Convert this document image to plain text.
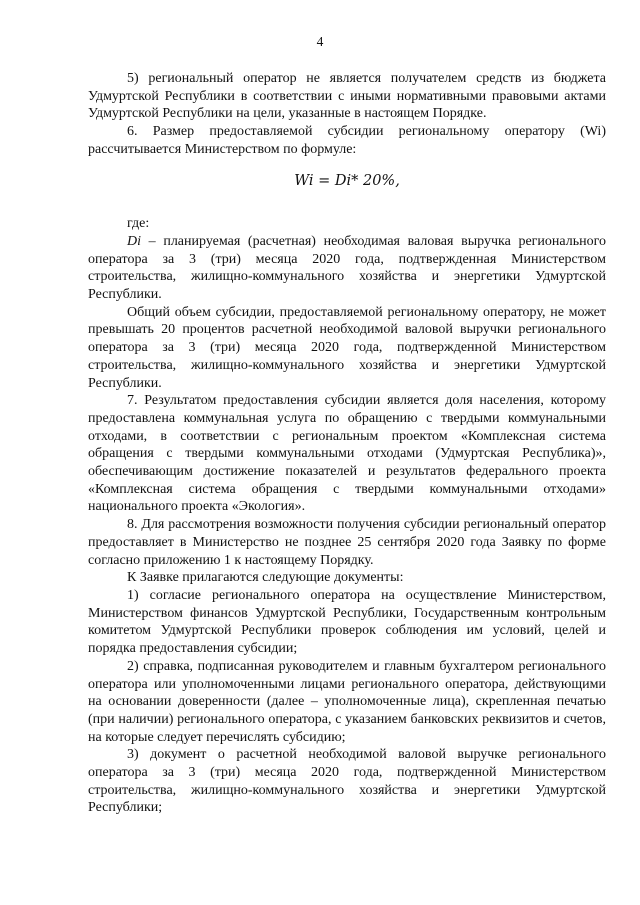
4

5) региональный оператор не является получателем средств из бюджета Удмуртской Республики в соответствии с иными нормативными правовыми актами Удмуртской Республики на цели, указанные в настоящем Порядке.

6. Размер предоставляемой субсидии региональному оператору (Wi) рассчитывается Министерством по формуле:

Wi = Di* 20%,

где:

Di – планируемая (расчетная) необходимая валовая выручка регионального оператора за 3 (три) месяца 2020 года, подтвержденная Министерством строительства, жилищно-коммунального хозяйства и энергетики Удмуртской Республики.

Общий объем субсидии, предоставляемой региональному оператору, не может превышать 20 процентов расчетной необходимой валовой выручки регионального оператора за 3 (три) месяца 2020 года, подтвержденной Министерством строительства, жилищно-коммунального хозяйства и энергетики Удмуртской Республики.

7. Результатом предоставления субсидии является доля населения, которому предоставлена коммунальная услуга по обращению с твердыми коммунальными отходами, в соответствии с региональным проектом «Комплексная система обращения с твердыми коммунальными отходами (Удмуртская Республика)», обеспечивающим достижение показателей и результатов федерального проекта «Комплексная система обращения с твердыми коммунальными отходами» национального проекта «Экология».

8. Для рассмотрения возможности получения субсидии региональный оператор предоставляет в Министерство не позднее 25 сентября 2020 года Заявку по форме согласно приложению 1 к настоящему Порядку.

К Заявке прилагаются следующие документы:

1) согласие регионального оператора на осуществление Министерством, Министерством финансов Удмуртской Республики, Государственным контрольным комитетом Удмуртской Республики проверок соблюдения им условий, целей и порядка предоставления субсидии;

2) справка, подписанная руководителем и главным бухгалтером регионального оператора или уполномоченными лицами регионального оператора, действующими на основании доверенности (далее – уполномоченные лица), скрепленная печатью (при наличии) регионального оператора, с указанием банковских реквизитов и счетов, на которые следует перечислять субсидию;

3) документ о расчетной необходимой валовой выручке регионального оператора за 3 (три) месяца 2020 года, подтвержденной Министерством строительства, жилищно-коммунального хозяйства и энергетики Удмуртской Республики;
